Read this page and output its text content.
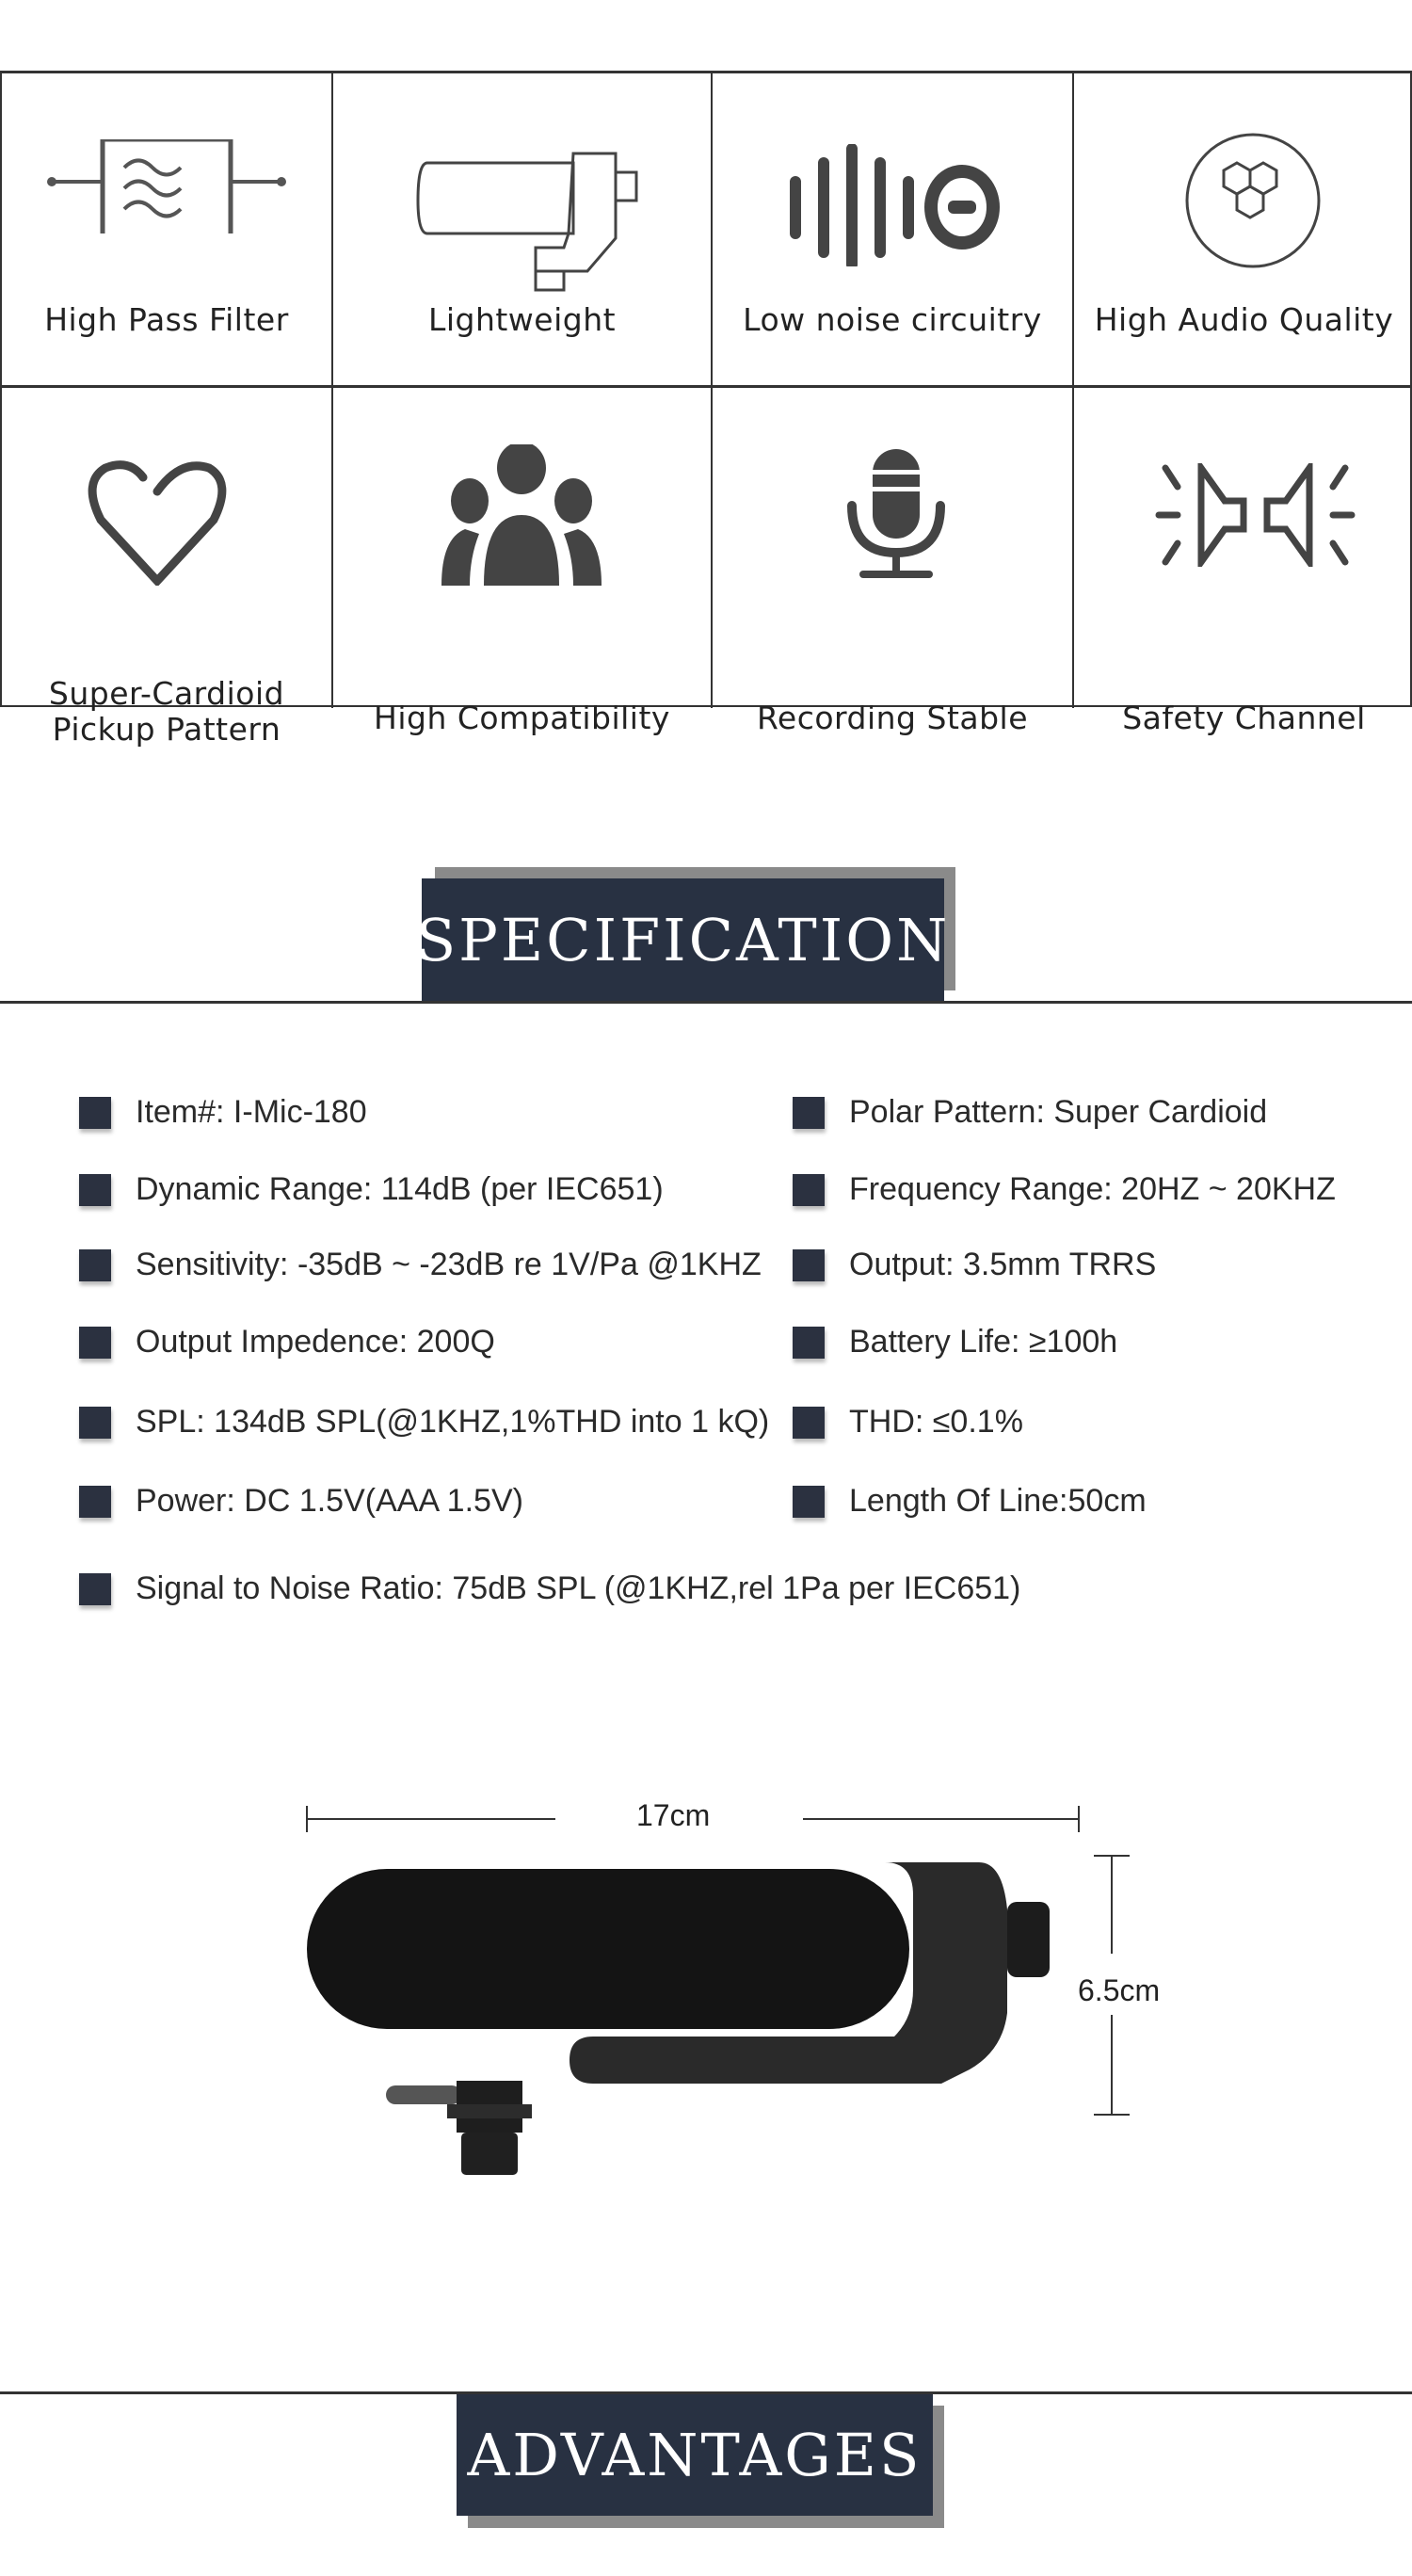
High Pass Filter	Lightweight	Low noise circuitry	High Audio Quality
Super-Cardioid
Pickup Pattern	High Compatibility	Recording Stable	Safety Channel
SPECIFICATION
Item#: I-Mic-180
Dynamic Range: 114dB (per IEC651)
Sensitivity: -35dB ~ -23dB re 1V/Pa @1KHZ
Output Impedence: 200Q
SPL: 134dB SPL(@1KHZ,1%THD into 1 kQ)
Power: DC 1.5V(AAA 1.5V)
Polar Pattern: Super Cardioid
Frequency Range: 20HZ ~ 20KHZ
Output: 3.5mm TRRS
Battery Life: ≥100h
THD: ≤0.1%
Length Of Line:50cm
Signal to Noise Ratio: 75dB SPL (@1KHZ,rel 1Pa per IEC651)
17cm
6.5cm
ADVANTAGES
